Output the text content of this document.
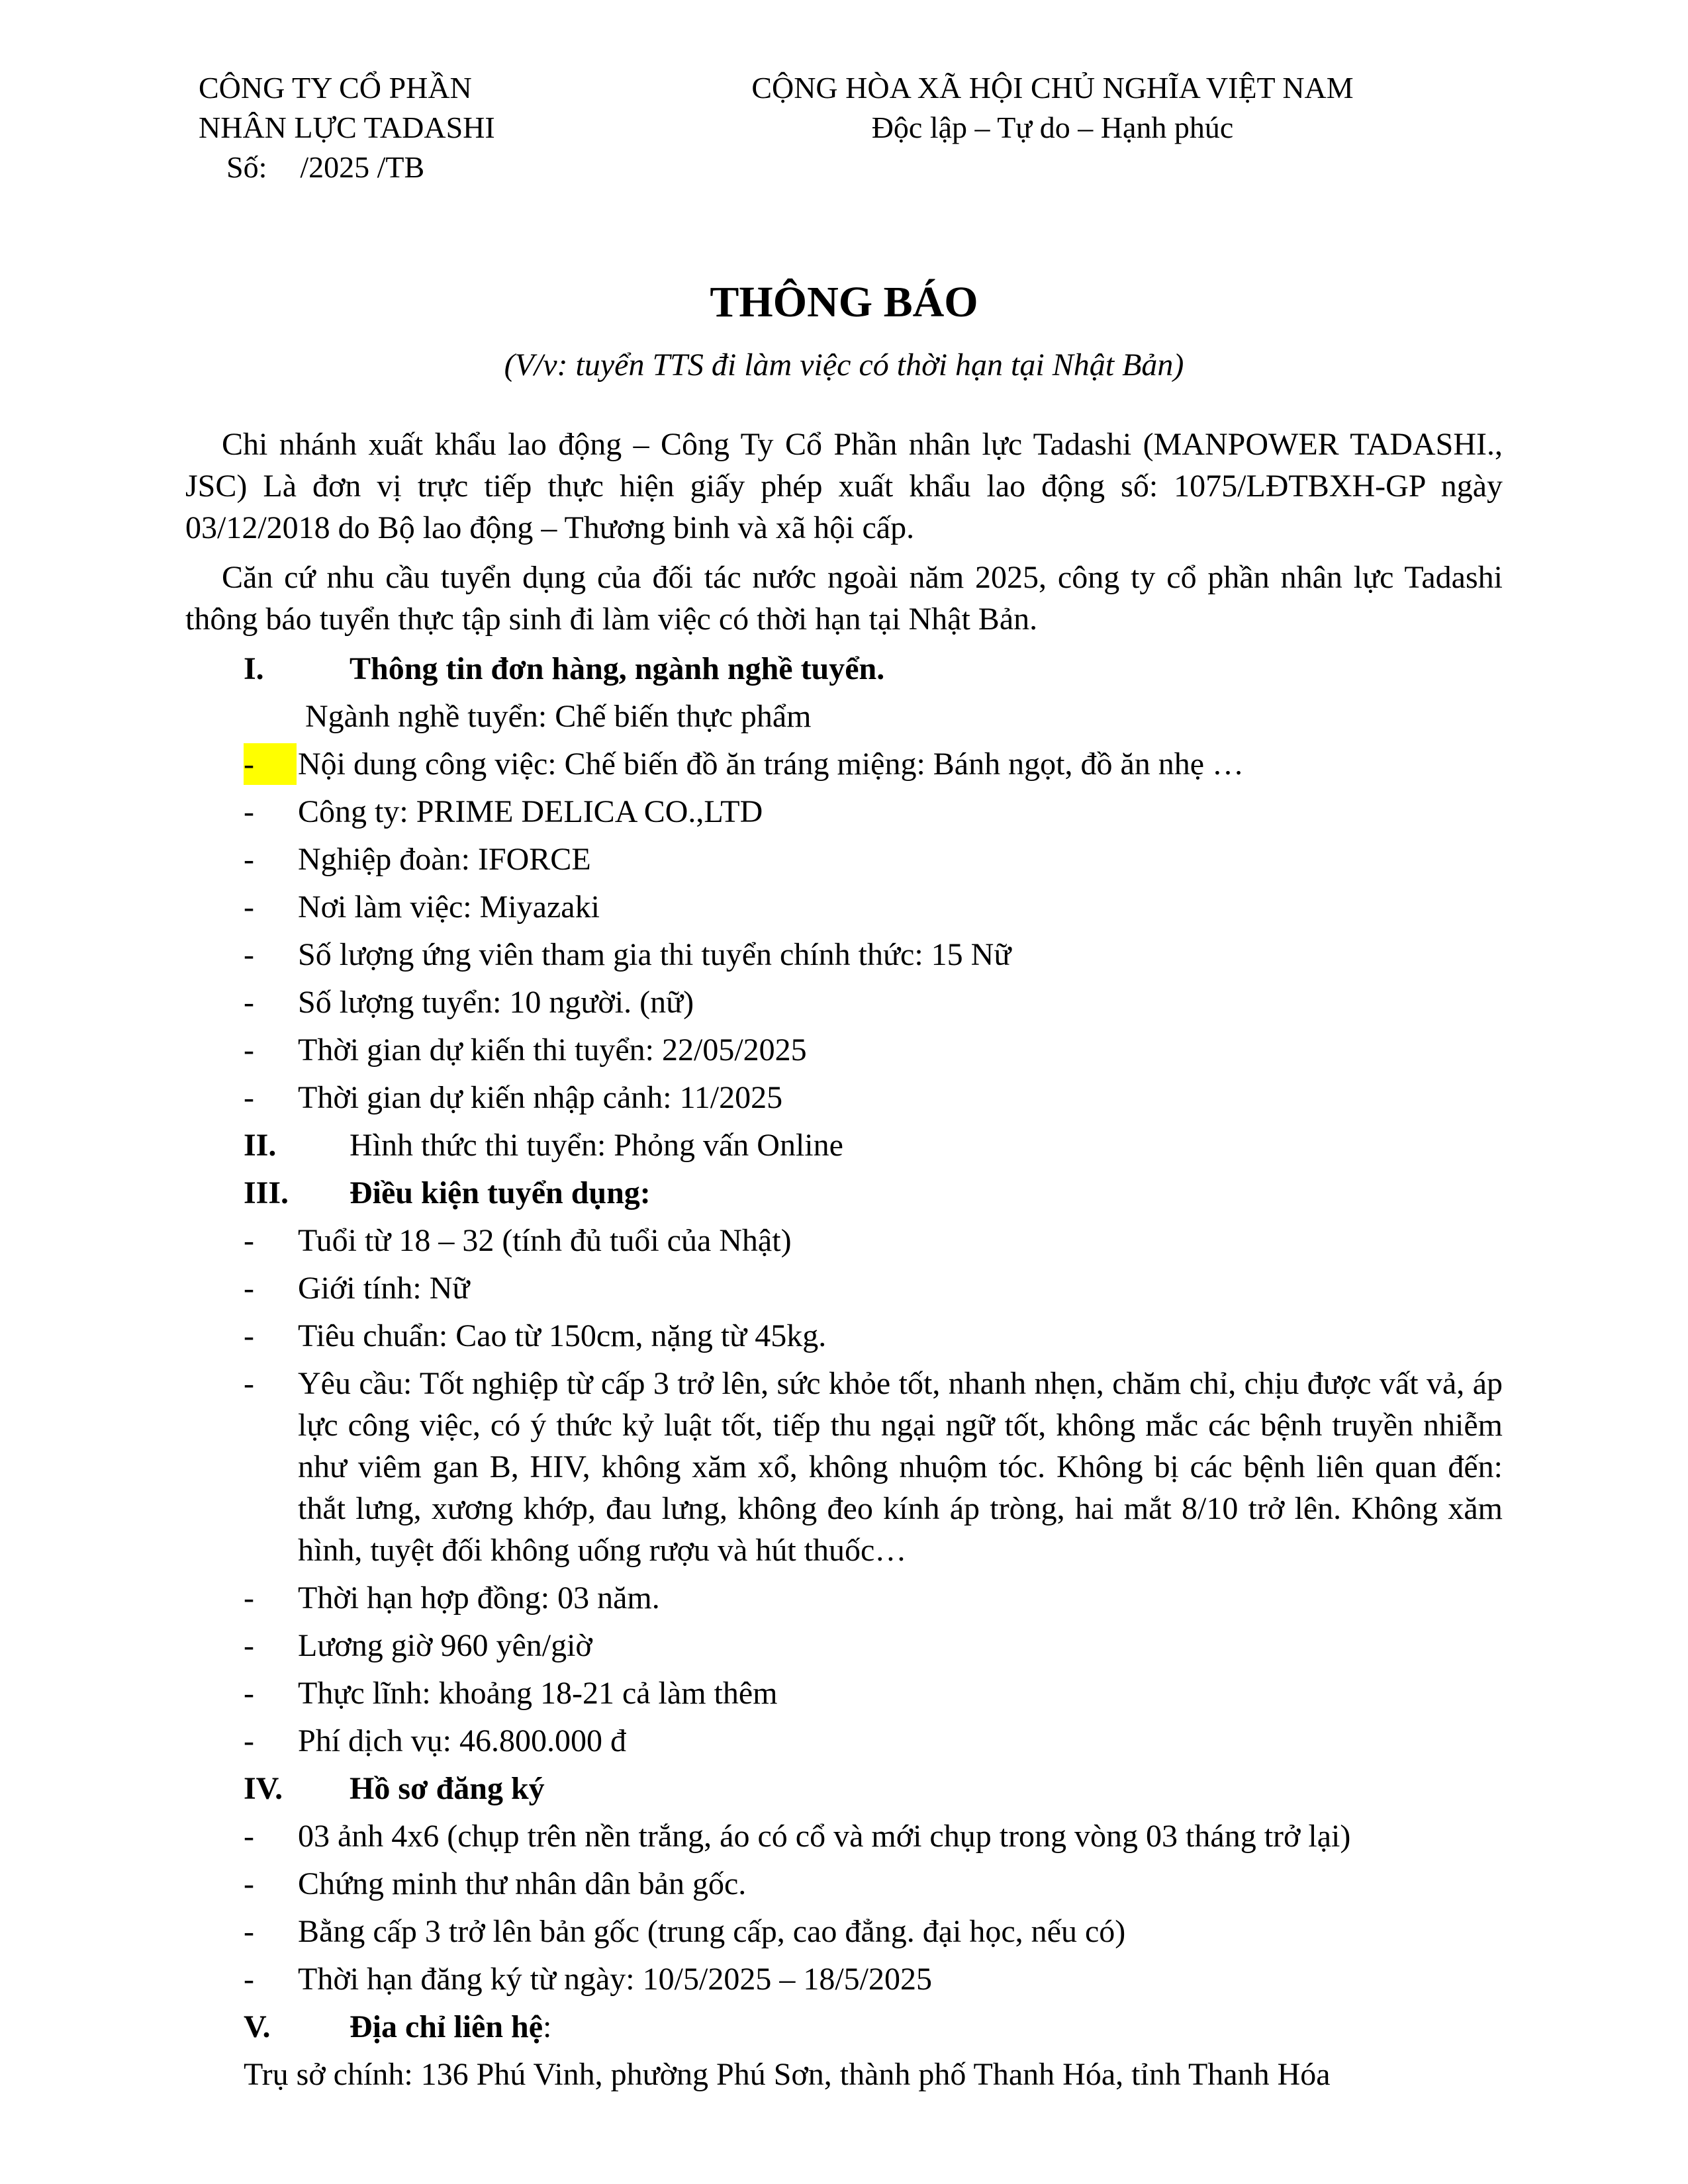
CÔNG TY CỔ PHẦN
NHÂN LỰC TADASHI
Số: /2025 /TB
CỘNG HÒA XÃ HỘI CHỦ NGHĨA VIỆT NAM
Độc lập – Tự do – Hạnh phúc
THÔNG BÁO
(V/v: tuyển TTS đi làm việc có thời hạn tại Nhật Bản)
Chi nhánh xuất khẩu lao động – Công Ty Cổ Phần nhân lực Tadashi (MANPOWER TADASHI., JSC) Là đơn vị trực tiếp thực hiện giấy phép xuất khẩu lao động số: 1075/LĐTBXH-GP ngày 03/12/2018 do Bộ lao động – Thương binh và xã hội cấp.
Căn cứ nhu cầu tuyển dụng của đối tác nước ngoài năm 2025, công ty cổ phần nhân lực Tadashi thông báo tuyển thực tập sinh đi làm việc có thời hạn tại Nhật Bản.
I.	Thông tin đơn hàng, ngành nghề tuyển.
Ngành nghề tuyển: Chế biến thực phẩm
-	Nội dung công việc: Chế biến đồ ăn tráng miệng: Bánh ngọt, đồ ăn nhẹ …
-	Công ty: PRIME DELICA CO.,LTD
-	Nghiệp đoàn: IFORCE
-	Nơi làm việc: Miyazaki
-	Số lượng ứng viên tham gia thi tuyển chính thức: 15 Nữ
-	Số lượng tuyển: 10 người. (nữ)
-	Thời gian dự kiến thi tuyển: 22/05/2025
-	Thời gian dự kiến nhập cảnh: 11/2025
II. Hình thức thi tuyển: Phỏng vấn Online
III. Điều kiện tuyển dụng:
-	Tuổi từ 18 – 32 (tính đủ tuổi của Nhật)
-	Giới tính: Nữ
-	Tiêu chuẩn: Cao từ 150cm, nặng từ 45kg.
-	Yêu cầu: Tốt nghiệp từ cấp 3 trở lên, sức khỏe tốt, nhanh nhẹn, chăm chỉ, chịu được vất vả, áp lực công việc, có ý thức kỷ luật tốt, tiếp thu ngại ngữ tốt, không mắc các bệnh truyền nhiễm như viêm gan B, HIV, không xăm xổ, không nhuộm tóc. Không bị các bệnh liên quan đến: thắt lưng, xương khớp, đau lưng, không đeo kính áp tròng, hai mắt 8/10 trở lên. Không xăm hình, tuyệt đối không uống rượu và hút thuốc…
-	Thời hạn hợp đồng: 03 năm.
-	Lương giờ 960 yên/giờ
-	Thực lĩnh: khoảng 18-21 cả làm thêm
-	Phí dịch vụ: 46.800.000 đ
IV. Hồ sơ đăng ký
-	03 ảnh 4x6 (chụp trên nền trắng, áo có cổ và mới chụp trong vòng 03 tháng trở lại)
-	Chứng minh thư nhân dân bản gốc.
-	Bằng cấp 3 trở lên bản gốc (trung cấp, cao đẳng. đại học, nếu có)
-	Thời hạn đăng ký từ ngày: 10/5/2025 – 18/5/2025
V. Địa chỉ liên hệ:
Trụ sở chính: 136 Phú Vinh, phường Phú Sơn, thành phố Thanh Hóa, tỉnh Thanh Hóa
